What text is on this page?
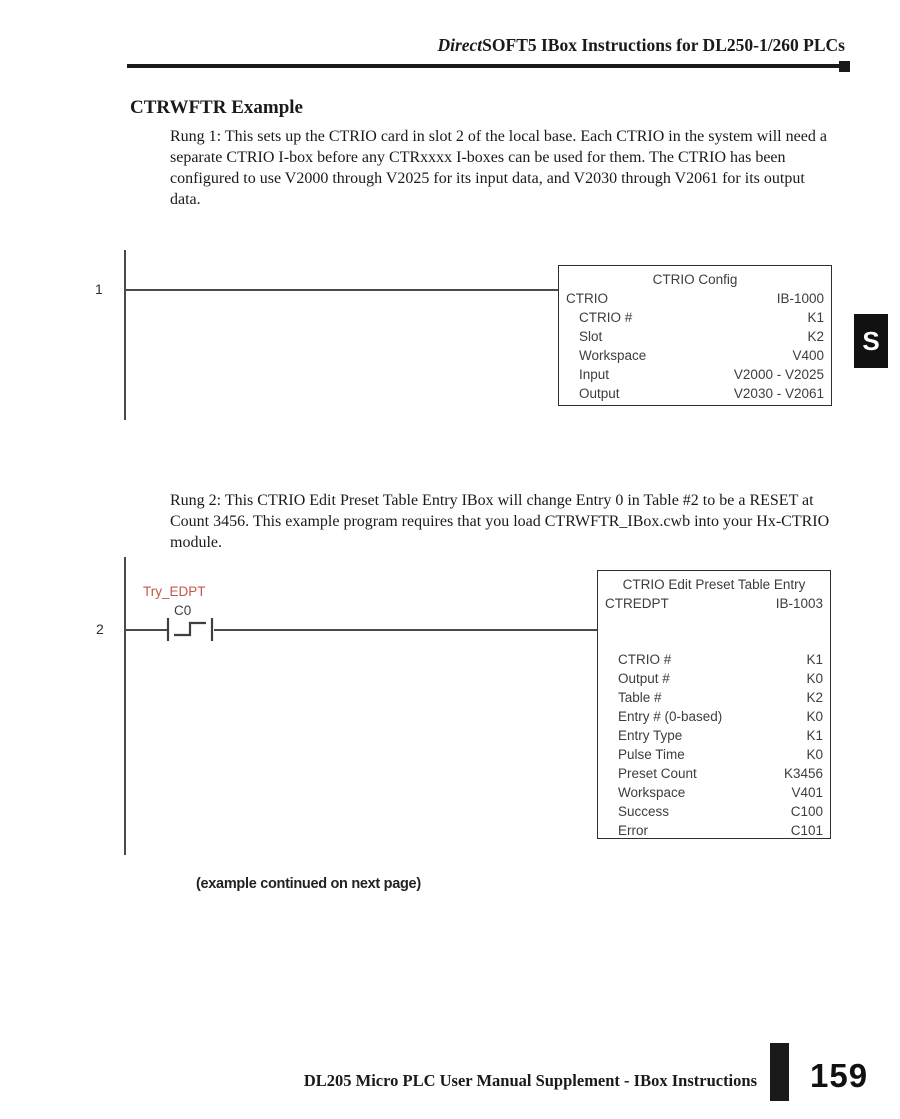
DirectSOFT5 IBox Instructions for DL250-1/260 PLCs
CTRWFTR Example
Rung 1: This sets up the CTRIO card in slot 2 of the local base. Each CTRIO in the system will need a separate CTRIO I-box before any CTRxxxx I-boxes can be used for them. The CTRIO has been configured to use V2000 through V2025 for its input data, and V2030 through V2061 for its output data.
Rung 2: This CTRIO Edit Preset Table Entry IBox will change Entry 0 in Table #2 to be a RESET at Count 3456. This example program requires that you load CTRWFTR_IBox.cwb into your Hx-CTRIO module.
1
CTRIO Config
CTRIO	IB-1000
CTRIO #	K1
Slot	K2
Workspace	V400
Input	V2000 - V2025
Output	V2030 - V2061
S
2
Try_EDPT
C0
CTRIO Edit Preset Table Entry
CTREDPT	IB-1003
CTRIO #	K1
Output #	K0
Table #	K2
Entry # (0-based)	K0
Entry Type	K1
Pulse Time	K0
Preset Count	K3456
Workspace	V401
Success	C100
Error	C101
(example continued on next page)
DL205 Micro PLC User Manual Supplement - IBox Instructions 159
